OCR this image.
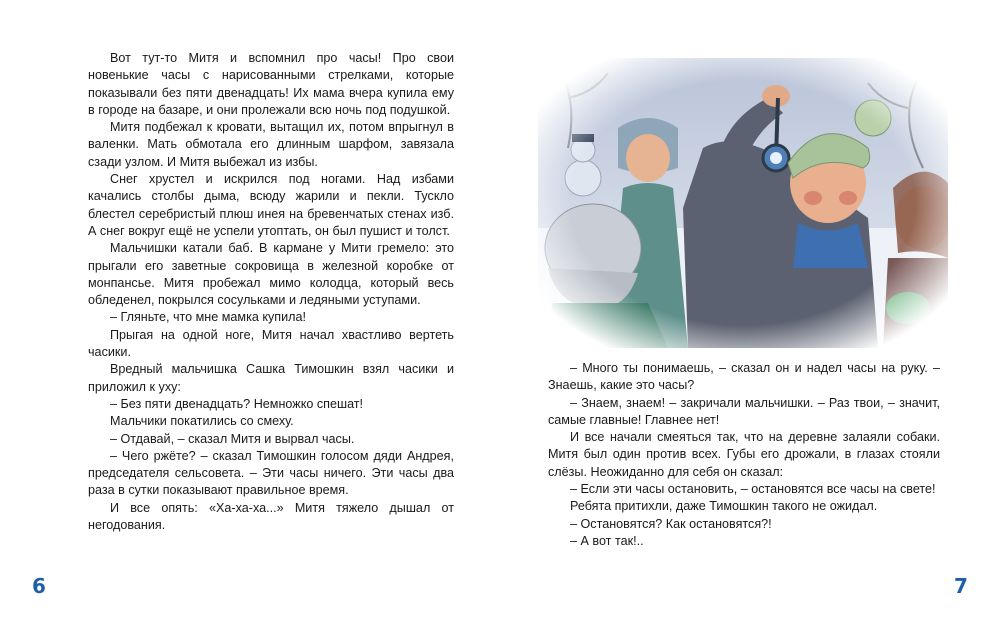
Вот тут-то Митя и вспомнил про часы! Про свои новенькие часы с нарисованными стрелками, которые показывали без пяти двенадцать! Их мама вчера купила ему в городе на базаре, и они пролежали всю ночь под подушкой.

Митя подбежал к кровати, вытащил их, потом впрыгнул в валенки. Мать обмотала его длинным шарфом, завязала сзади узлом. И Митя выбежал из избы.

Снег хрустел и искрился под ногами. Над избами качались столбы дыма, всюду жарили и пекли. Тускло блестел серебристый плюш инея на бревенчатых стенах изб. А снег вокруг ещё не успели утоптать, он был пушист и толст.

Мальчишки катали баб. В кармане у Мити гремело: это прыгали его заветные сокровища в железной коробке от монпансье. Митя пробежал мимо колодца, который весь обледенел, покрылся сосульками и ледяными уступами.

– Гляньте, что мне мамка купила!

Прыгая на одной ноге, Митя начал хвастливо вертеть часики.

Вредный мальчишка Сашка Тимошкин взял часики и приложил к уху:

– Без пяти двенадцать? Немножко спешат!

Мальчики покатились со смеху.

– Отдавай, – сказал Митя и вырвал часы.

– Чего ржёте? – сказал Тимошкин голосом дяди Андрея, председателя сельсовета. – Эти часы ничего. Эти часы два раза в сутки показывают правильное время.

И все опять: «Ха-ха-ха...» Митя тяжело дышал от негодования.

6

– Много ты понимаешь, – сказал он и надел часы на руку. – Знаешь, какие это часы?

– Знаем, знаем! – закричали мальчишки. – Раз твои, – значит, самые главные! Главнее нет!

И все начали смеяться так, что на деревне залаяли собаки. Митя был один против всех. Губы его дрожали, в глазах стояли слёзы. Неожиданно для себя он сказал:

– Если эти часы остановить, – остановятся все часы на свете!

Ребята притихли, даже Тимошкин такого не ожидал.

– Остановятся? Как остановятся?!

– А вот так!..

7
